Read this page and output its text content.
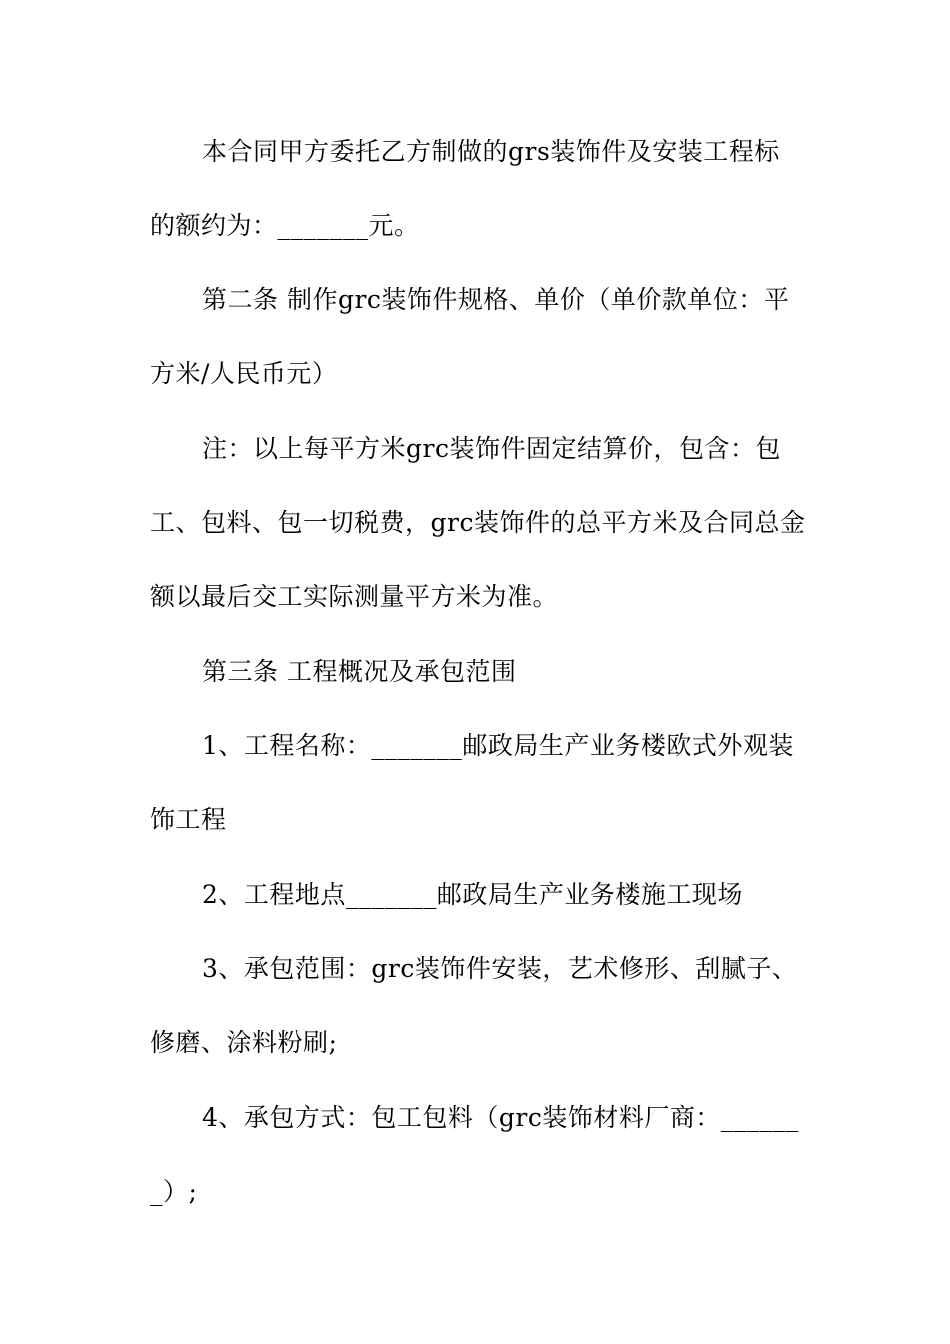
本合同甲方委托乙方制做的grs装饰件及安装工程标
的额约为：_______元。
第二条 制作grc装饰件规格、单价（单价款单位：平
方米/人民币元）
注：以上每平方米grc装饰件固定结算价，包含：包
工、包料、包一切税费，grc装饰件的总平方米及合同总金
额以最后交工实际测量平方米为准。
第三条 工程概况及承包范围
1、工程名称：_______邮政局生产业务楼欧式外观装
饰工程
2、工程地点_______邮政局生产业务楼施工现场
3、承包范围：grc装饰件安装，艺术修形、刮腻子、
修磨、涂料粉刷;
4、承包方式：包工包料（grc装饰材料厂商：______
_）;
